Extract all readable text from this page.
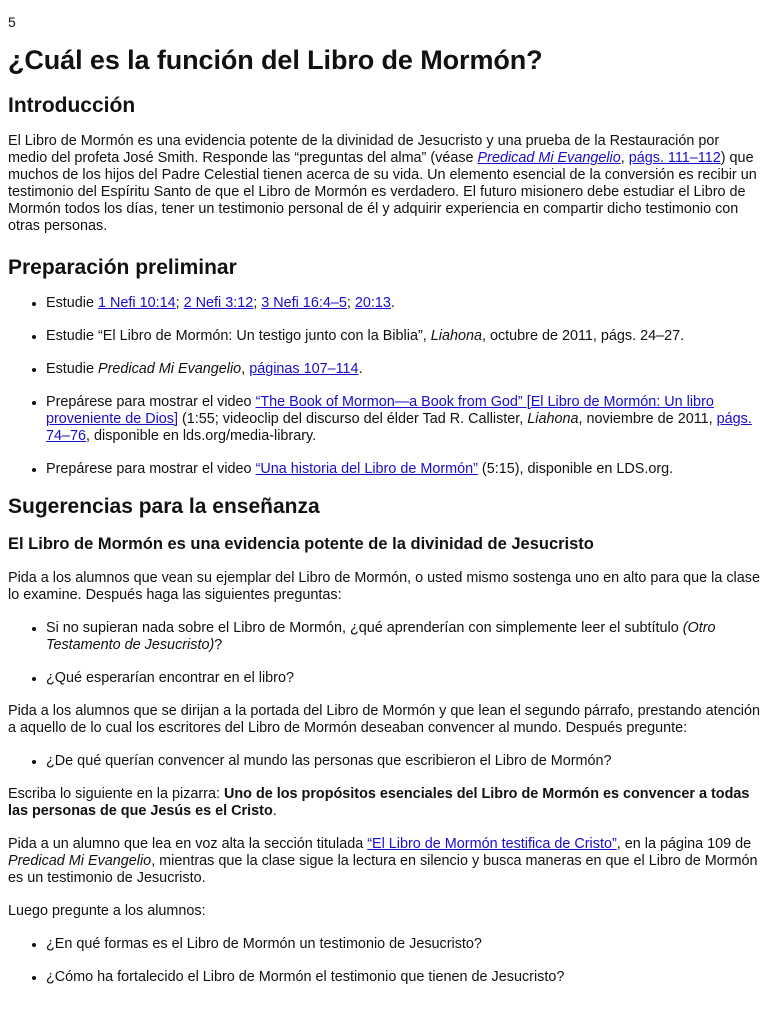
5
¿Cuál es la función del Libro de Mormón?
Introducción

El Libro de Mormón es una evidencia potente de la divinidad de Jesucristo y una prueba de la Restauración por medio del profeta José Smith. Responde las “preguntas del alma” (véase Predicad Mi Evangelio, págs. 111–112) que muchos de los hijos del Padre Celestial tienen acerca de su vida. Un elemento esencial de la conversión es recibir un testimonio del Espíritu Santo de que el Libro de Mormón es verdadero. El futuro misionero debe estudiar el Libro de Mormón todos los días, tener un testimonio personal de él y adquirir experiencia en compartir dicho testimonio con otras personas.

Preparación preliminar
• Estudie 1 Nefi 10:14; 2 Nefi 3:12; 3 Nefi 16:4–5; 20:13.
• Estudie “El Libro de Mormón: Un testigo junto con la Biblia”, Liahona, octubre de 2011, págs. 24–27.
• Estudie Predicad Mi Evangelio, páginas 107–114.
• Prepárese para mostrar el video “The Book of Mormon—a Book from God” [El Libro de Mormón: Un libro proveniente de Dios] (1:55; videoclip del discurso del élder Tad R. Callister, Liahona, noviembre de 2011, págs. 74–76, disponible en lds.org/media-library.
• Prepárese para mostrar el video “Una historia del Libro de Mormón” (5:15), disponible en LDS.org.
Sugerencias para la enseñanza
El Libro de Mormón es una evidencia potente de la divinidad de Jesucristo

Pida a los alumnos que vean su ejemplar del Libro de Mormón, o usted mismo sostenga uno en alto para que la clase lo examine. Después haga las siguientes preguntas:

• Si no supieran nada sobre el Libro de Mormón, ¿qué aprenderían con simplemente leer el subtítulo (Otro Testamento de Jesucristo)?
• ¿Qué esperarían encontrar en el libro?

Pida a los alumnos que se dirijan a la portada del Libro de Mormón y que lean el segundo párrafo, prestando atención a aquello de lo cual los escritores del Libro de Mormón deseaban convencer al mundo. Después pregunte:

• ¿De qué querían convencer al mundo las personas que escribieron el Libro de Mormón?

Escriba lo siguiente en la pizarra: Uno de los propósitos esenciales del Libro de Mormón es convencer a todas las personas de que Jesús es el Cristo.

Pida a un alumno que lea en voz alta la sección titulada “El Libro de Mormón testifica de Cristo”, en la página 109 de Predicad Mi Evangelio, mientras que la clase sigue la lectura en silencio y busca maneras en que el Libro de Mormón es un testimonio de Jesucristo.

Luego pregunte a los alumnos:

• ¿En qué formas es el Libro de Mormón un testimonio de Jesucristo?
• ¿Cómo ha fortalecido el Libro de Mormón el testimonio que tienen de Jesucristo?
